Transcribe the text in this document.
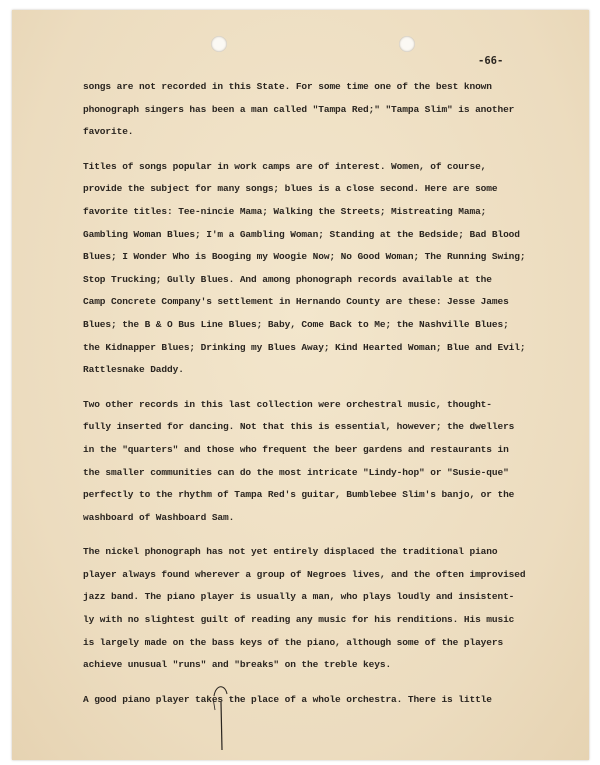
-66-
songs are not recorded in this State. For some time one of the best known
phonograph singers has been a man called "Tampa Red;" "Tampa Slim" is another
favorite.
Titles of songs popular in work camps are of interest. Women, of course,
provide the subject for many songs; blues is a close second. Here are some
favorite titles: Tee-nincie Mama; Walking the Streets; Mistreating Mama;
Gambling Woman Blues; I'm a Gambling Woman; Standing at the Bedside; Bad Blood
Blues; I Wonder Who is Booging my Woogie Now; No Good Woman; The Running Swing;
Stop Trucking; Gully Blues. And among phonograph records available at the
Camp Concrete Company's settlement in Hernando County are these: Jesse James
Blues; the B & O Bus Line Blues; Baby, Come Back to Me; the Nashville Blues;
the Kidnapper Blues; Drinking my Blues Away; Kind Hearted Woman; Blue and Evil;
Rattlesnake Daddy.
Two other records in this last collection were orchestral music, thought-
fully inserted for dancing. Not that this is essential, however; the dwellers
in the "quarters" and those who frequent the beer gardens and restaurants in
the smaller communities can do the most intricate "Lindy-hop" or "Susie-que"
perfectly to the rhythm of Tampa Red's guitar, Bumblebee Slim's banjo, or the
washboard of Washboard Sam.
The nickel phonograph has not yet entirely displaced the traditional piano
player always found wherever a group of Negroes lives, and the often improvised
jazz band. The piano player is usually a man, who plays loudly and insistent-
ly with no slightest guilt of reading any music for his renditions. His music
is largely made on the bass keys of the piano, although some of the players
achieve unusual "runs" and "breaks" on the treble keys.
A good piano player takes the place of a whole orchestra. There is little
